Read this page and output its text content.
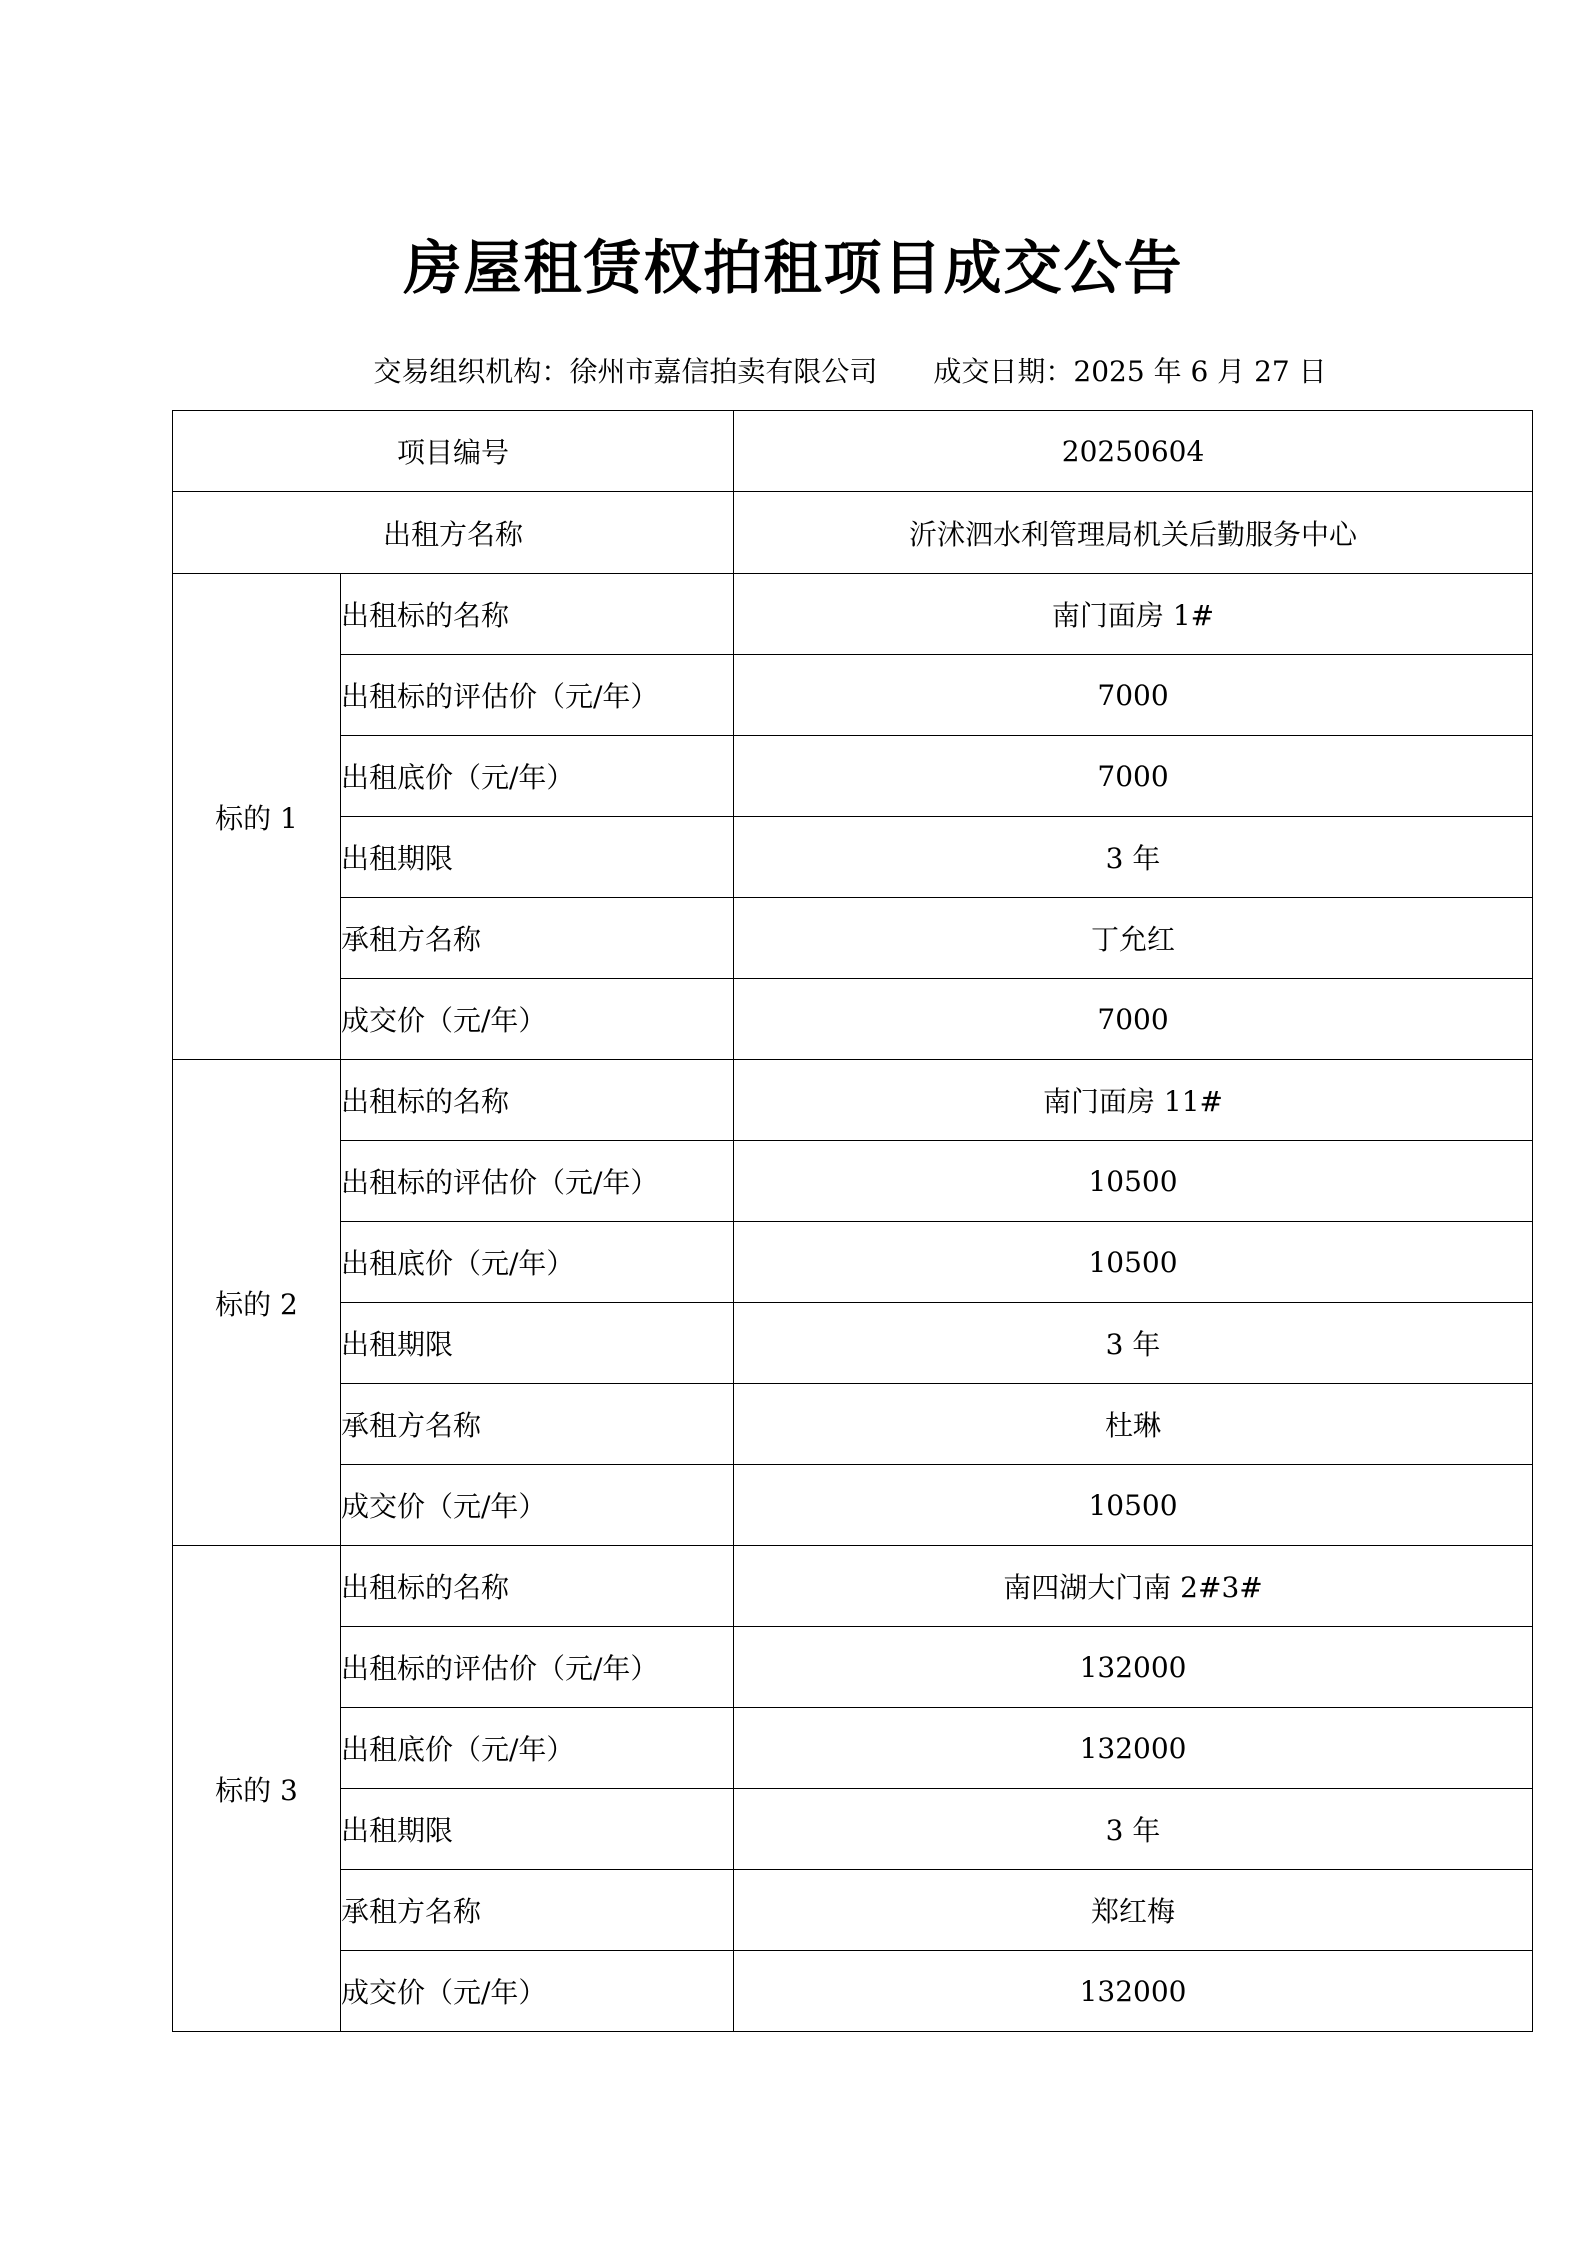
房屋租赁权拍租项目成交公告
交易组织机构：徐州市嘉信拍卖有限公司 成交日期：2025 年 6 月 27 日
项目编号		20250604
出租方名称		沂沭泗水利管理局机关后勤服务中心
标的 1	出租标的名称	南门面房 1#
	出租标的评估价（元/年）	7000
	出租底价（元/年）	7000
	出租期限	3 年
	承租方名称	丁允红
	成交价（元/年）	7000
标的 2	出租标的名称	南门面房 11#
	出租标的评估价（元/年）	10500
	出租底价（元/年）	10500
	出租期限	3 年
	承租方名称	杜琳
	成交价（元/年）	10500
标的 3	出租标的名称	南四湖大门南 2#3#
	出租标的评估价（元/年）	132000
	出租底价（元/年）	132000
	出租期限	3 年
	承租方名称	郑红梅
	成交价（元/年）	132000
